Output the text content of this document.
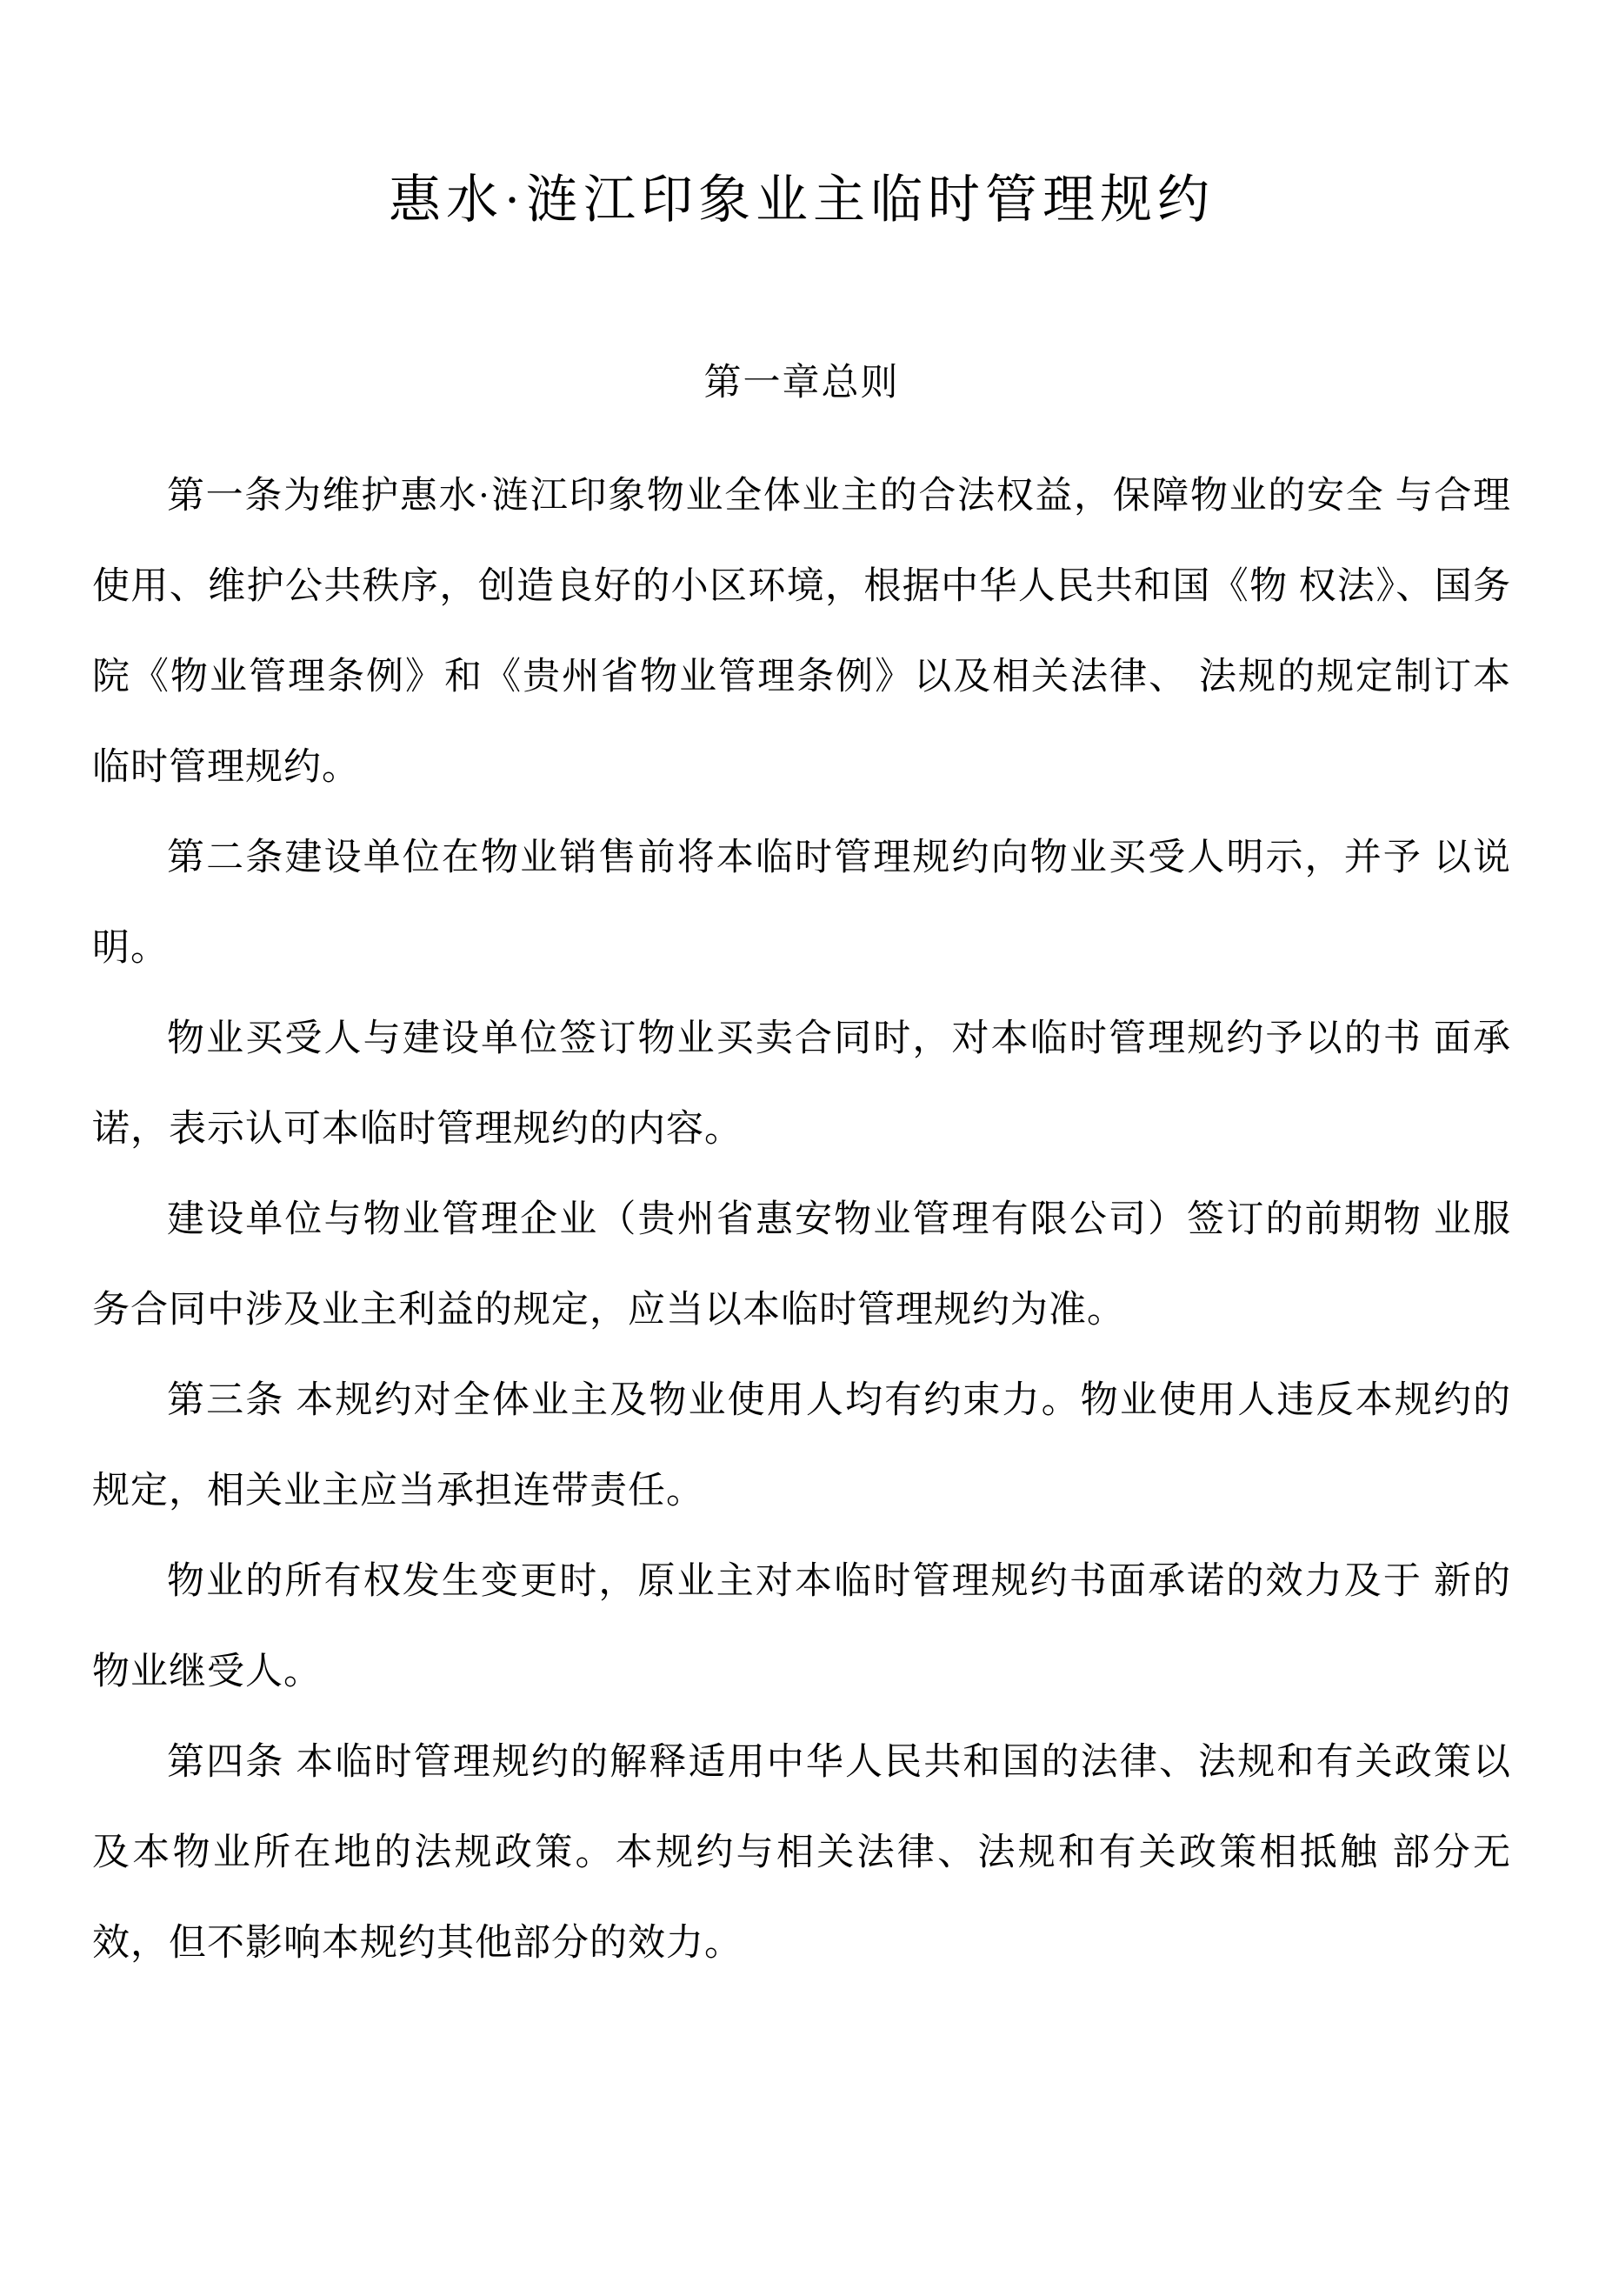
惠水·涟江印象业主临时管理规约
第一章总则

第一条为维护惠水·涟江印象物业全体业主的合法权益，保障物业的安全 与合理使用、维护公共秩序，创造良好的小区环境，根据中华人民共和国《物 权法》、国务院《物业管理条例》和《贵州省物业管理条例》以及相关法律、 法规的规定制订本临时管理规约。

第二条建设单位在物业销售前将本临时管理规约向物业买受人明示，并予 以说明。

物业买受人与建设单位签订物业买卖合同时，对本临时管理规约予以的书 面承诺，表示认可本临时管理规约的内容。

建设单位与物业管理企业（贵州省惠安物业管理有限公司）签订的前期物 业服务合同中涉及业主利益的规定，应当以本临时管理规约为准。

第三条 本规约对全体业主及物业使用人均有约束力。物业使用人违反本规约的规定，相关业主应当承担连带责任。

物业的所有权发生变更时，原业主对本临时管理规约书面承诺的效力及于 新的物业继受人。

第四条 本临时管理规约的解释适用中华人民共和国的法律、法规和有关政策以及本物业所在地的法规政策。本规约与相关法律、法规和有关政策相抵触 部分无效，但不影响本规约其他部分的效力。
